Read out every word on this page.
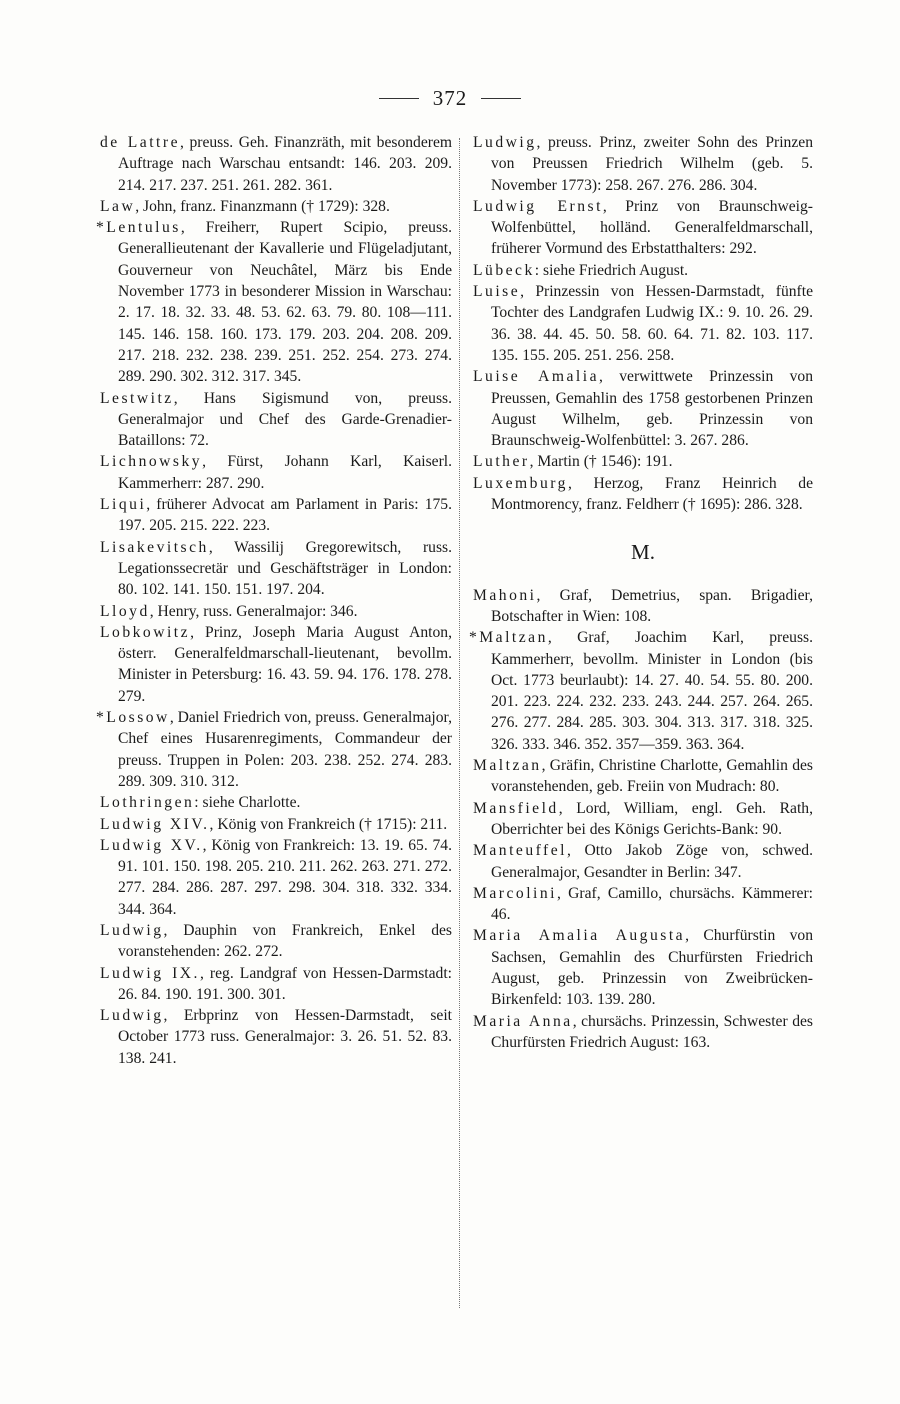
372

de Lattre, preuss. Geh. Finanzräth, mit besonderem Auftrage nach Warschau entsandt: 146. 203. 209. 214. 217. 237. 251. 261. 282. 361.

Law, John, franz. Finanzmann († 1729): 328.

*Lentulus, Freiherr, Rupert Scipio, preuss. Generallieutenant der Kavallerie und Flügeladjutant, Gouverneur von Neuchâtel, März bis Ende November 1773 in besonderer Mission in Warschau: 2. 17. 18. 32. 33. 48. 53. 62. 63. 79. 80. 108—111. 145. 146. 158. 160. 173. 179. 203. 204. 208. 209. 217. 218. 232. 238. 239. 251. 252. 254. 273. 274. 289. 290. 302. 312. 317. 345.

Lestwitz, Hans Sigismund von, preuss. Generalmajor und Chef des Garde-Grenadier-Bataillons: 72.

Lichnowsky, Fürst, Johann Karl, Kaiserl. Kammerherr: 287. 290.

Liqui, früherer Advocat am Parlament in Paris: 175. 197. 205. 215. 222. 223.

Lisakevitsch, Wassilij Gregorewitsch, russ. Legationssecretär und Geschäftsträger in London: 80. 102. 141. 150. 151. 197. 204.

Lloyd, Henry, russ. Generalmajor: 346.

Lobkowitz, Prinz, Joseph Maria August Anton, österr. Generalfeldmarschall-lieutenant, bevollm. Minister in Petersburg: 16. 43. 59. 94. 176. 178. 278. 279.

*Lossow, Daniel Friedrich von, preuss. Generalmajor, Chef eines Husarenregiments, Commandeur der preuss. Truppen in Polen: 203. 238. 252. 274. 283. 289. 309. 310. 312.

Lothringen: siehe Charlotte.

Ludwig XIV., König von Frankreich († 1715): 211.

Ludwig XV., König von Frankreich: 13. 19. 65. 74. 91. 101. 150. 198. 205. 210. 211. 262. 263. 271. 272. 277. 284. 286. 287. 297. 298. 304. 318. 332. 334. 344. 364.

Ludwig, Dauphin von Frankreich, Enkel des voranstehenden: 262. 272.

Ludwig IX., reg. Landgraf von Hessen-Darmstadt: 26. 84. 190. 191. 300. 301.

Ludwig, Erbprinz von Hessen-Darmstadt, seit October 1773 russ. Generalmajor: 3. 26. 51. 52. 83. 138. 241.

Ludwig, preuss. Prinz, zweiter Sohn des Prinzen von Preussen Friedrich Wilhelm (geb. 5. November 1773): 258. 267. 276. 286. 304.

Ludwig Ernst, Prinz von Braunschweig-Wolfenbüttel, holländ. Generalfeldmarschall, früherer Vormund des Erbstatthalters: 292.

Lübeck: siehe Friedrich August.

Luise, Prinzessin von Hessen-Darmstadt, fünfte Tochter des Landgrafen Ludwig IX.: 9. 10. 26. 29. 36. 38. 44. 45. 50. 58. 60. 64. 71. 82. 103. 117. 135. 155. 205. 251. 256. 258.

Luise Amalia, verwittwete Prinzessin von Preussen, Gemahlin des 1758 gestorbenen Prinzen August Wilhelm, geb. Prinzessin von Braunschweig-Wolfenbüttel: 3. 267. 286.

Luther, Martin († 1546): 191.

Luxemburg, Herzog, Franz Heinrich de Montmorency, franz. Feldherr († 1695): 286. 328.

M.

Mahoni, Graf, Demetrius, span. Brigadier, Botschafter in Wien: 108.

*Maltzan, Graf, Joachim Karl, preuss. Kammerherr, bevollm. Minister in London (bis Oct. 1773 beurlaubt): 14. 27. 40. 54. 55. 80. 200. 201. 223. 224. 232. 233. 243. 244. 257. 264. 265. 276. 277. 284. 285. 303. 304. 313. 317. 318. 325. 326. 333. 346. 352. 357—359. 363. 364.

Maltzan, Gräfin, Christine Charlotte, Gemahlin des voranstehenden, geb. Freiin von Mudrach: 80.

Mansfield, Lord, William, engl. Geh. Rath, Oberrichter bei des Königs Gerichts-Bank: 90.

Manteuffel, Otto Jakob Zöge von, schwed. Generalmajor, Gesandter in Berlin: 347.

Marcolini, Graf, Camillo, chursächs. Kämmerer: 46.

Maria Amalia Augusta, Churfürstin von Sachsen, Gemahlin des Churfürsten Friedrich August, geb. Prinzessin von Zweibrücken-Birkenfeld: 103. 139. 280.

Maria Anna, chursächs. Prinzessin, Schwester des Churfürsten Friedrich August: 163.
